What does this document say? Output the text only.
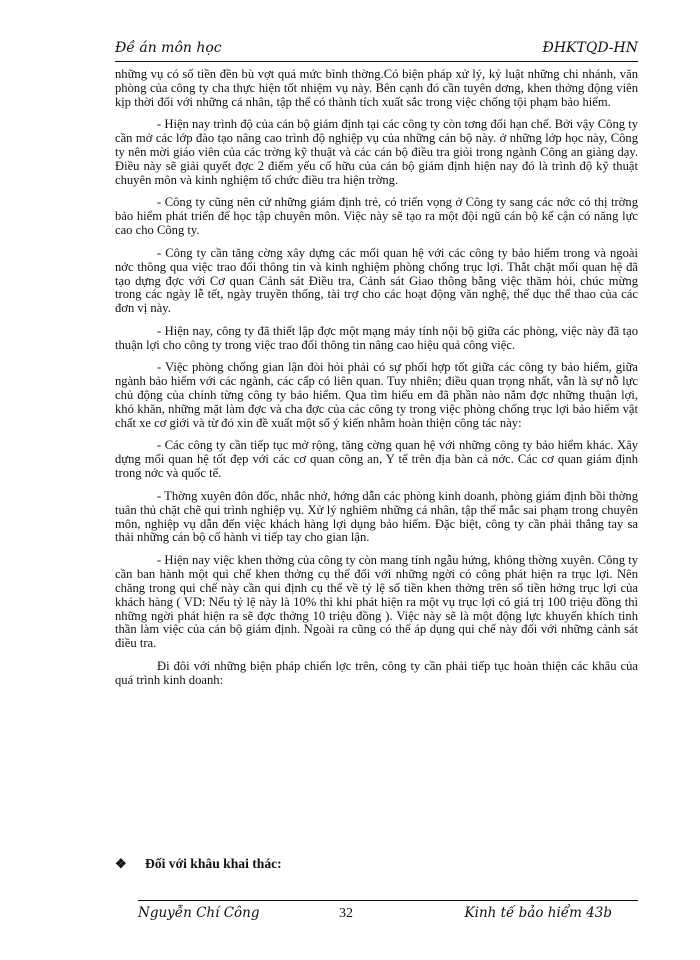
Đề án môn học	ĐHKTQD-HN

những vụ có số tiền đền bù vợt quá mức bình thờng.Có biện pháp xử lý, kỷ luật những chi nhánh, văn phòng của công ty cha thực hiện tốt nhiệm vụ này. Bên cạnh đó cần tuyên dơng, khen thởng động viên kịp thời đối với những cá nhân, tập thể có thành tích xuất sắc trong việc chống tội phạm bảo hiểm.

- Hiện nay trình độ của cán bộ giám định tại các công ty còn tơng đối hạn chế. Bởi vậy Công ty cần mở các lớp đào tạo nâng cao trình độ nghiệp vụ của những cán bộ này. ở những lớp học này, Công ty nên mời giáo viên của các trờng kỹ thuật và các cán bộ điều tra giỏi trong ngành Công an giảng dạy. Điều này sẽ giải quyết đợc 2 điểm yếu cố hữu của cán bộ giám định hiện nay đó là trình độ kỹ thuật chuyên môn và kinh nghiệm tổ chức điều tra hiện trờng.

- Công ty cũng nên cử những giám định trẻ, có triển vọng ở Công ty sang các nớc có thị trờng bảo hiểm phát triển để học tập chuyên môn. Việc này sẽ tạo ra một đội ngũ cán bộ kế cận có năng lực cao cho Công ty.

- Công ty cần tăng cờng xây dựng các mối quan hệ với các công ty bảo hiểm trong và ngoài nớc thông qua việc trao đổi thông tin và kinh nghiệm phòng chống trục lợi. Thắt chặt mối quan hệ đã tạo dựng đợc với Cơ quan Cảnh sát Điều tra, Cảnh sát Giao thông bằng việc thăm hỏi, chúc mừng trong các ngày lễ tết, ngày truyền thống, tài trợ cho các hoạt động văn nghệ, thể dục thể thao của các đơn vị này.

- Hiện nay, công ty đã thiết lập đợc một mạng máy tính nội bộ giữa các phòng, việc này đã tạo thuận lợi cho công ty trong việc trao đổi thông tin nâng cao hiệu quả công việc.

- Việc phòng chống gian lận đòi hỏi phải có sự phối hợp tốt giữa các công ty bảo hiểm, giữa ngành bảo hiểm với các ngành, các cấp có liên quan. Tuy nhiên; điều quan trọng nhất, vẫn là sự nỗ lực chủ động của chính từng công ty bảo hiểm. Qua tìm hiểu em đã phần nào nắm đợc những thuận lợi, khó khăn, những mặt làm đợc và cha đợc của các công ty trong việc phòng chống trục lợi bảo hiểm vật chất xe cơ giới và từ đó xin đề xuất một số ý kiến nhằm hoàn thiện công tác này:

- Các công ty cần tiếp tục mở rộng, tăng cờng quan hệ với những công ty bảo hiểm khác. Xây dựng mối quan hệ tốt đẹp với các cơ quan công an, Y tế trên địa bàn cả nớc. Các cơ quan giám định trong nớc và quốc tế.

- Thờng xuyên đôn đốc, nhắc nhở, hớng dẫn các phòng kinh doanh, phòng giám định bồi thờng tuân thủ chặt chẽ qui trình nghiệp vụ. Xử lý nghiêm những cá nhân, tập thể mắc sai phạm trong chuyên môn, nghiệp vụ dẫn đến việc khách hàng lợi dụng bảo hiểm. Đặc biệt, công ty cần phải thẳng tay sa thải những cán bộ cố hành vi tiếp tay cho gian lận.

- Hiện nay việc khen thởng của công ty còn mang tính ngẫu hứng, không thờng xuyên. Công ty cần ban hành một qui chế khen thởng cụ thể đối với những ngời có công phát hiện ra trục lợi. Nên chăng trong qui chế này cần qui định cụ thể về tỷ lệ số tiền khen thởng trên số tiền hởng trục lợi của khách hàng ( VD: Nếu tỷ lệ này là 10% thì khi phát hiện ra một vụ trục lợi có giá trị 100 triệu đồng thì những ngời phát hiện ra sẽ đợc thởng 10 triệu đồng ). Việc này sẽ là một động lực khuyến khích tinh thần làm việc của cán bộ giám định. Ngoài ra cũng có thể áp dụng qui chế này đối với những cảnh sát điều tra.

Đi đôi với những biện pháp chiến lợc trên, công ty cần phải tiếp tục hoàn thiện các khâu của quá trình kinh doanh:

❖ Đối với khâu khai thác:
Nguyễn Chí Công	32	Kinh tế bảo hiểm 43b
